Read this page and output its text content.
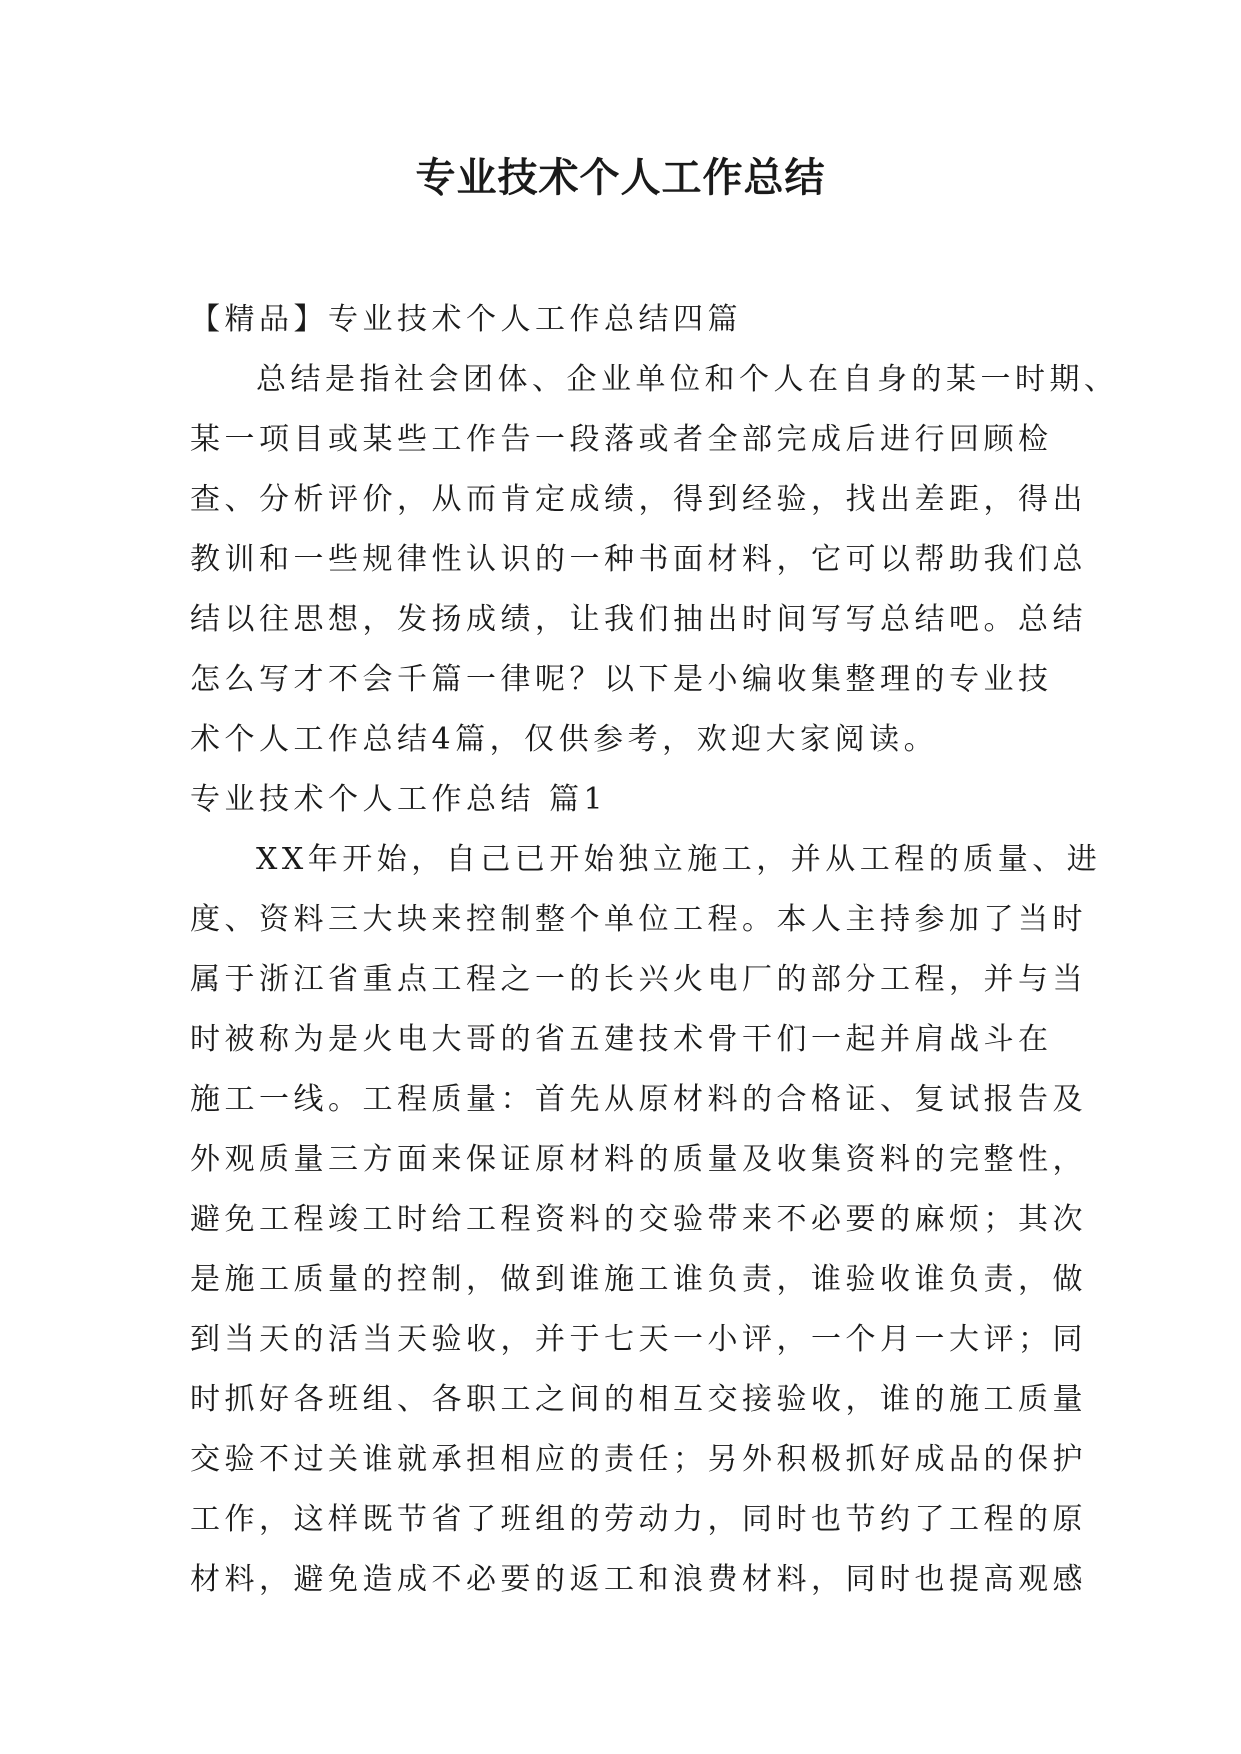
专业技术个人工作总结
【精品】专业技术个人工作总结四篇
总结是指社会团体、企业单位和个人在自身的某一时期、
某一项目或某些工作告一段落或者全部完成后进行回顾检
查、分析评价，从而肯定成绩，得到经验，找出差距，得出
教训和一些规律性认识的一种书面材料，它可以帮助我们总
结以往思想，发扬成绩，让我们抽出时间写写总结吧。总结
怎么写才不会千篇一律呢？以下是小编收集整理的专业技
术个人工作总结4篇，仅供参考，欢迎大家阅读。
专业技术个人工作总结 篇1
XX年开始，自己已开始独立施工，并从工程的质量、进
度、资料三大块来控制整个单位工程。本人主持参加了当时
属于浙江省重点工程之一的长兴火电厂的部分工程，并与当
时被称为是火电大哥的省五建技术骨干们一起并肩战斗在
施工一线。工程质量：首先从原材料的合格证、复试报告及
外观质量三方面来保证原材料的质量及收集资料的完整性，
避免工程竣工时给工程资料的交验带来不必要的麻烦；其次
是施工质量的控制，做到谁施工谁负责，谁验收谁负责，做
到当天的活当天验收，并于七天一小评，一个月一大评；同
时抓好各班组、各职工之间的相互交接验收，谁的施工质量
交验不过关谁就承担相应的责任；另外积极抓好成品的保护
工作，这样既节省了班组的劳动力，同时也节约了工程的原
材料，避免造成不必要的返工和浪费材料，同时也提高观感
